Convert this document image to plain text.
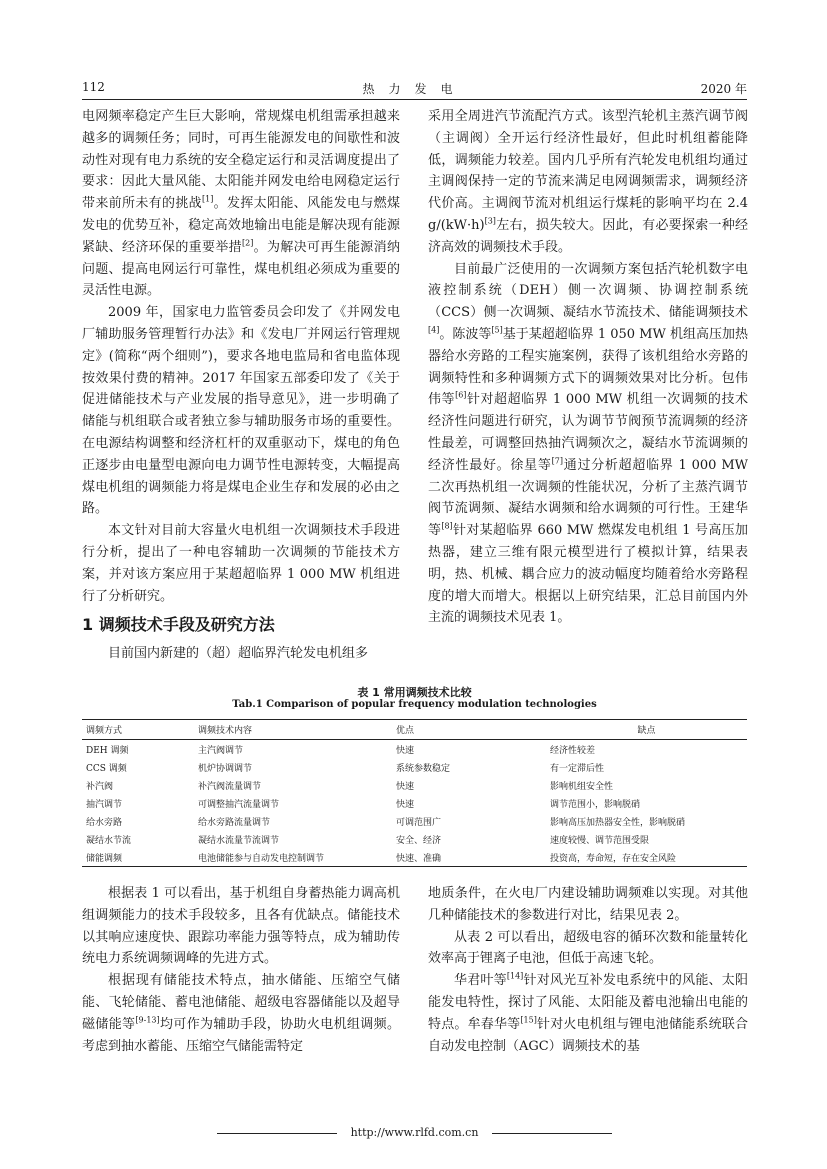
112	热力发电	2020 年

电网频率稳定产生巨大影响，常规煤电机组需承担越来越多的调频任务；同时，可再生能源发电的间歇性和波动性对现有电力系统的安全稳定运行和灵活调度提出了要求：因此大量风能、太阳能并网发电给电网稳定运行带来前所未有的挑战[1]。发挥太阳能、风能发电与燃煤发电的优势互补，稳定高效地输出电能是解决现有能源紧缺、经济环保的重要举措[2]。为解决可再生能源消纳问题、提高电网运行可靠性，煤电机组必须成为重要的灵活性电源。

2009 年，国家电力监管委员会印发了《并网发电厂辅助服务管理暂行办法》和《发电厂并网运行管理规定》(简称“两个细则”)，要求各地电监局和省电监体现按效果付费的精神。2017 年国家五部委印发了《关于促进储能技术与产业发展的指导意见》，进一步明确了储能与机组联合或者独立参与辅助服务市场的重要性。在电源结构调整和经济杠杆的双重驱动下，煤电的角色正逐步由电量型电源向电力调节性电源转变，大幅提高煤电机组的调频能力将是煤电企业生存和发展的必由之路。

本文针对目前大容量火电机组一次调频技术手段进行分析，提出了一种电容辅助一次调频的节能技术方案，并对该方案应用于某超超临界 1 000 MW 机组进行了分析研究。

1 调频技术手段及研究方法

目前国内新建的（超）超临界汽轮发电机组多

采用全周进汽节流配汽方式。该型汽轮机主蒸汽调节阀（主调阀）全开运行经济性最好，但此时机组蓄能降低，调频能力较差。国内几乎所有汽轮发电机组均通过主调阀保持一定的节流来满足电网调频需求，调频经济代价高。主调阀节流对机组运行煤耗的影响平均在 2.4 g/(kW·h)[3]左右，损失较大。因此，有必要探索一种经济高效的调频技术手段。

目前最广泛使用的一次调频方案包括汽轮机数字电液控制系统（DEH）侧一次调频、协调控制系统（CCS）侧一次调频、凝结水节流技术、储能调频技术[4]。陈波等[5]基于某超超临界 1 050 MW 机组高压加热器给水旁路的工程实施案例，获得了该机组给水旁路的调频特性和多种调频方式下的调频效果对比分析。包伟伟等[6]针对超超临界 1 000 MW 机组一次调频的技术经济性问题进行研究，认为调节节阀预节流调频的经济性最差，可调整回热抽汽调频次之，凝结水节流调频的经济性最好。徐星等[7]通过分析超超临界 1 000 MW 二次再热机组一次调频的性能状况，分析了主蒸汽调节阀节流调频、凝结水调频和给水调频的可行性。王建华等[8]针对某超临界 660 MW 燃煤发电机组 1 号高压加热器，建立三维有限元模型进行了模拟计算，结果表明，热、机械、耦合应力的波动幅度均随着给水旁路程度的增大而增大。根据以上研究结果，汇总目前国内外主流的调频技术见表 1。

表 1 常用调频技术比较
Tab.1 Comparison of popular frequency modulation technologies
调频方式	调频技术内容	优点	缺点
DEH 调频	主汽阀调节	快速	经济性较差
CCS 调频	机炉协调调节	系统参数稳定	有一定滞后性
补汽阀	补汽阀流量调节	快速	影响机组安全性
抽汽调节	可调整抽汽流量调节	快速	调节范围小，影响脱硝
给水旁路	给水旁路流量调节	可调范围广	影响高压加热器安全性，影响脱硝
凝结水节流	凝结水流量节流调节	安全、经济	速度较慢、调节范围受限
储能调频	电池储能参与自动发电控制调节	快速、准确	投资高，寿命短，存在安全风险

根据表 1 可以看出，基于机组自身蓄热能力调高机组调频能力的技术手段较多，且各有优缺点。储能技术以其响应速度快、跟踪功率能力强等特点，成为辅助传统电力系统调频调峰的先进方式。

根据现有储能技术特点，抽水储能、压缩空气储能、飞轮储能、蓄电池储能、超级电容器储能以及超导磁储能等[9-13]均可作为辅助手段，协助火电机组调频。考虑到抽水蓄能、压缩空气储能需特定

地质条件，在火电厂内建设辅助调频难以实现。对其他几种储能技术的参数进行对比，结果见表 2。

从表 2 可以看出，超级电容的循环次数和能量转化效率高于锂离子电池，但低于高速飞轮。

华君叶等[14]针对风光互补发电系统中的风能、太阳能发电特性，探讨了风能、太阳能及蓄电池输出电能的特点。牟春华等[15]针对火电机组与锂电池储能系统联合自动发电控制（AGC）调频技术的基

http://www.rlfd.com.cn
